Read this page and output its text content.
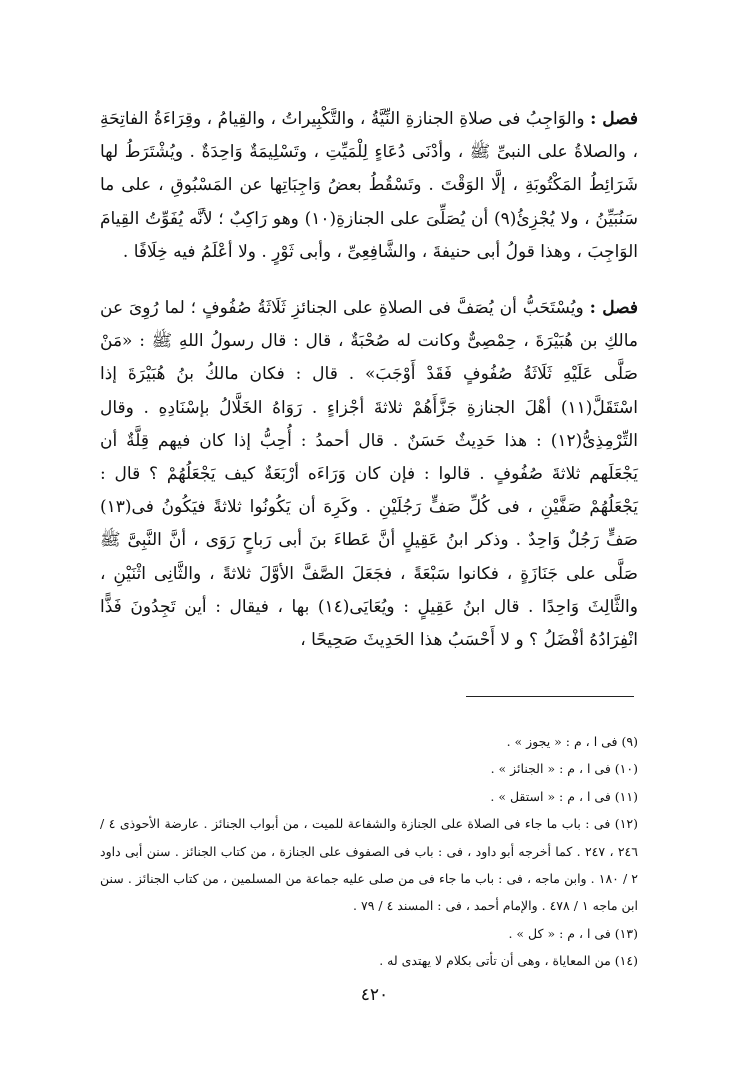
فصل : والوَاجِبُ فى صلاةِ الجنازةِ النِّيَّةُ ، والتَّكْبِيراتُ ، والقِيامُ ، وقِرَاءَةُ الفاتِحَةِ ، والصلاةُ على النبىِّ ﷺ ، وأدْنَى دُعَاءٍ لِلْمَيِّتِ ، وتَسْلِيمَةٌ وَاحِدَةٌ . ويُشْتَرَطُ لها شَرَائِطُ المَكْتُوبَةِ ، إلَّا الوَقْتَ . وتَسْقُطُ بعضُ وَاجِبَاتِها عن المَسْبُوقِ ، على ما سَنُبَيِّنُ ، ولا يُجْزِئُ(٩) أن يُصَلِّىَ على الجنازةِ(١٠) وهو رَاكِبٌ ؛ لأنَّه يُفَوِّتُ القِيامَ الوَاجِبَ ، وهذا قولُ أبى حنيفةَ ، والشَّافِعِىِّ ، وأبى ثَوْرٍ . ولا أعْلَمُ فيه خِلَافًا .

فصل : ويُسْتَحَبُّ أن يُصَفَّ فى الصلاةِ على الجنائزِ ثَلَاثَةُ صُفُوفٍ ؛ لما رُوِىَ عن مالكِ بن هُبَيْرَةَ ، حِمْصِىٌّ وكانت له صُحْبَةٌ ، قال : قال رسولُ اللهِ ﷺ : «مَنْ صَلَّى عَلَيْهِ ثَلَاثَةُ صُفُوفٍ فَقَدْ أَوْجَبَ» . قال : فكان مالكُ بنُ هُبَيْرَةَ إذا اسْتَقَلَّ(١١) أهْلَ الجنازةِ جَزَّأَهُمْ ثلاثةَ أجْزاءٍ . رَوَاهُ الخَلَّالُ بإسْنَادِهِ . وقال التِّرْمِذِىُّ(١٢) : هذا حَدِيثٌ حَسَنٌ . قال أحمدُ : أُحِبُّ إذا كان فيهم قِلَّةٌ أن يَجْعَلَهم ثلاثةَ صُفُوفٍ . قالوا : فإن كان وَرَاءَه أرْبَعَةٌ كيف يَجْعَلُهُمْ ؟ قال : يَجْعَلُهُمْ صَفَّيْنِ ، فى كُلِّ صَفٍّ رَجُلَيْنِ . وكَرِهَ أن يَكُونُوا ثلاثةً فيَكُونُ فى(١٣) صَفٍّ رَجُلٌ وَاحِدٌ . وذكر ابنُ عَقِيلٍ أنَّ عَطاءَ بنَ أبى رَباحٍ رَوَى ، أنَّ النَّبِىَّ ﷺ صَلَّى على جَنَازَةٍ ، فكانوا سَبْعَةً ، فجَعَلَ الصَّفَّ الأوَّلَ ثلاثةً ، والثَّانِى اثْنَيْنِ ، والثَّالِثَ وَاحِدًا . قال ابنُ عَقِيلٍ : ويُعَايَى(١٤) بها ، فيقال : أين تَجِدُونَ فَذًّا انْفِرَادُهُ أفْضَلُ ؟ و لا أَحْسَبُ هذا الحَدِيثَ صَحِيحًا ،

(٩) فى ا ، م : « يجوز » .

(١٠) فى ا ، م : « الجنائز » .

(١١) فى ا ، م : « استقل » .

(١٢) فى : باب ما جاء فى الصلاة على الجنازة والشفاعة للميت ، من أبواب الجنائز . عارضة الأحوذى ٤ / ٢٤٦ ، ٢٤٧ . كما أخرجه أبو داود ، فى : باب فى الصفوف على الجنازة ، من كتاب الجنائز . سنن أبى داود ٢ / ١٨٠ . وابن ماجه ، فى : باب ما جاء فى من صلى عليه جماعة من المسلمين ، من كتاب الجنائز . سنن ابن ماجه ١ / ٤٧٨ . والإمام أحمد ، فى : المسند ٤ / ٧٩ .

(١٣) فى ا ، م : « كل » .

(١٤) من المعاياة ، وهى أن تأتى بكلام لا يهتدى له .

٤٢٠
